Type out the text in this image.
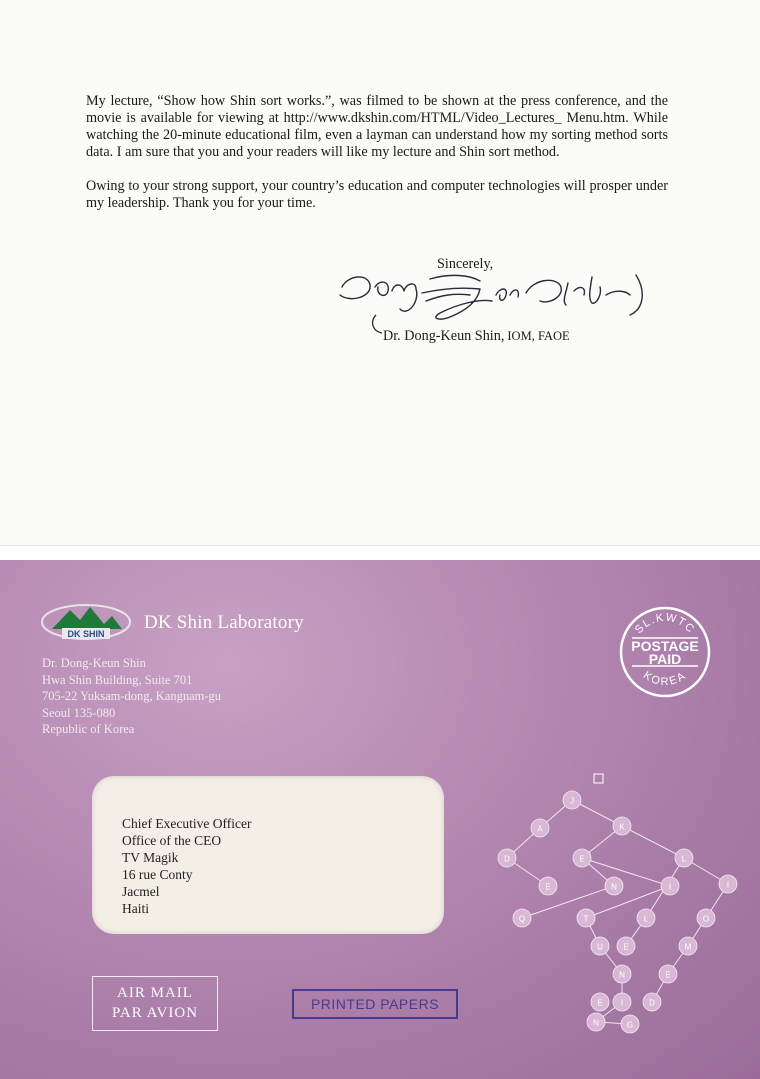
My lecture, “Show how Shin sort works.”, was filmed to be shown at the press conference, and the movie is available for viewing at http://www.dkshin.com/HTML/Video_Lectures_ Menu.htm. While watching the 20-minute educational film, even a layman can understand how my sorting method sorts data. I am sure that you and your readers will like my lecture and Shin sort method.

Owing to your strong support, your country’s education and computer technologies will prosper under my leadership. Thank you for your time.

Sincerely,
Dr. Dong-Keun Shin, IOM, FAOE
DK SHIN
DK Shin Laboratory
Dr. Dong-Keun Shin
Hwa Shin Building, Suite 701
705-22 Yuksam-dong, Kangnam-gu
Seoul 135-080
Republic of Korea
SL.KWTC
KOREA
POSTAGE
PAID
Chief Executive Officer
Office of the CEO
TV Magik
16 rue Conty
Jacmel
Haiti
AIR MAIL
PAR AVION
PRINTED PAPERS
J
A	K
D	E	L
E	N	I	I
Q	T	L	O
U	E	M
N	E
I
E	D
N	G
